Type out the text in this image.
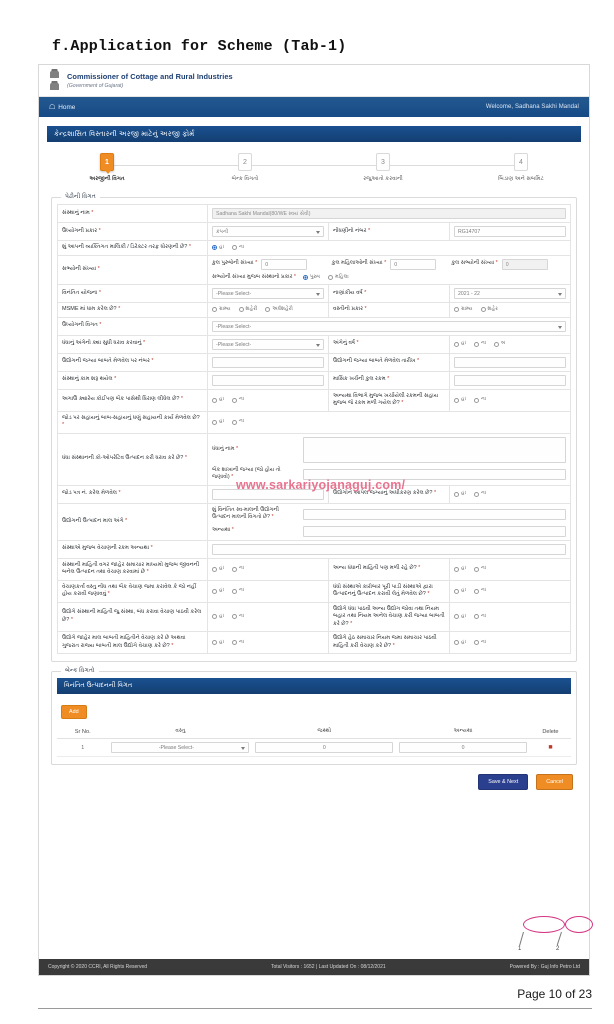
f.Application for Scheme (Tab-1)
Commissioner of Cottage and Rural Industries
(Government of Gujarat)
☖ Home	Welcome, Sadhana Sakhi Mandal
કેન્દ્રશાસિત વિસ્તારની અરજી માટેનું અરજી ફોર્મ
1
અરજીની વિગત
2
બેન્ક વિગતો
3
રજુઆતો કરવાની
4
બિડાણ અને સબમિટ
પેઢીની વિગત
સંસ્થાનું નામ *	Sadhana Sakhi Mandal(80/WE સ્વયં સેવી)		

ઉધ્યોગની પ્રકાર *	કંપની	નોંધણીનો નંબર *	RG14707

શું આપની વ્યક્તિગત માલિકી / ડિરેક્ટર તરફ ધોરણની છે? *	હા ના		

સભ્યોની સંખ્યા *	
કુલ પુરુષોની સંખ્યા *	0	કુલ મહિલાઓની સંખ્યા *	0	કુલ સભ્યોની સંખ્યા *	0
સભ્યોની સંખ્યા મુજબ સંસ્થાનો પ્રકાર *	પુરુષ	મહિલા

વિનંતિત યોજના *	-Please Select-	નાણાંકીય વર્ષ *	2021 - 22

MSME માં ધામ કરેલ છે? *	ગ્રામ્ય શહેરી અર્ધશહેરી	વસ્તીનો પ્રકાર *	ગ્રામ્ય શહેર

ઉધ્યોગની વિગત *	-Please Select-		

ધંધાનું અંગેનો ક્યા સુધી ધરાવ કરવાનું *	-Please Select-	અંગેનું વર્ષ *	હા ના બ

ઉદ્યોગની જગ્યા બાબતે મેળવેલ પર નંબર *		ઉદ્યોગની જગ્યા બાબતે મેળવેલ તારીખ *	

સંસ્થાનું કામ શરૂ થયેલ *		માસિક ખર્ચની કુલ રકમ *	

અગાઉ ક્યારેય કોઈપણ બેંક પાસેથી ધિરાણ લીધેલ છે? *	હા ના	અન્યથા વિભાગે મુજબ ખર્ચાયેલી રકમની સહાય મુજબ જે રકમ મળી ગયેલ છે? *	હા ના

જોડ પર સહાયનું બાબ-સહાયનું ધણું સહાયની કાર્ય મેળવેલ છે? *	હા ના		

ધંધા સંસ્થાનની કો-ઓપરેટિવ ઉત્પાદન કરી ધરાવ કરે છે? *	ધંધાનું નામ *
બેંક શાખાની જગ્યા (જો હોય તો જણાવો) *		

જોડ પત્ર નં. કરેલ મેળવેલ *		ઉદ્યોગોને આપેલ જગ્યાનું અધીકરણ કરેલ છે? *	હા ના

ઉદ્યોગની ઉત્પાદન માલ અંગે *	શું વિનંતિત સ્વ-માલની ઉદ્યોગની ઉત્પાદન માલની વિગતો છે? *
અન્યથા *		

સંસ્થાએ મુજબ વેચાણની રકમ અન્યથા *			

સંસ્થાની માહિતી વગર જાહેર સમાચાર માધ્યમો મુજબ જીવનની બનેલ ઉત્પાદન તથા વેચાણ કરવામાં છે *	હા ના	અન્ય ધંધાની માહિતી પણ મળી રહે છે? *	હા ના

વેચાણકર્તા વસ્તુ નોંધ તથા બેંક વેચાણ જમા કરાવેલ કે જો નહીં હોય કરાવી જણાવવું *	હા ના	ધંધો સંસ્થાએ કારોબાર પૂરી પાડી સંસ્થાએ દ્વારા ઉત્પાદનનું ઉત્પાદન કરાવી લેતું મેળવેલ છે? *	હા ના

ઉદ્યોગે સંસ્થાની માહિતી જુ સંસ્થા, બંધ કરાવા વેચાણ પાઠવી કરેલ છે? *	હા ના	ઉદ્યોગે ધંધા પાઠવી અન્ય ઉદ્યોગ જોવા તથા નિયમ બહાર તથા નિયમ અનેલ વેચાણ કરી જગ્યા બાબતી કરે છે? *	હા ના

ઉદ્યોગે જાહેર માલ બાબતી માહિતીને વેચાણ કરે છે અથવા ગુજરાત રાજ્ય બાબતી માલ ઉદ્યોગે વેચાણ કરે છે? *	હા ના	ઉદ્યોગે હેઠ સમાચાર નિયમ જમા સમાચાર પાઠવી માહિતી કરી વેચાણ કરે છે? *	હા ના
બેન્ક વિગતો
વિનંતિત ઉત્પાદનની વિગત
Add
Sr No.	વસ્તુ	જથ્થો	અન્યથા	Delete
1	-Please Select-	0	0	■
Save & Next	Cancel
Copyright © 2020 CCRI, All Rights Reserved	Total Visitors : 1652 | Last Updated On : 08/12/2021	Powered By : Guj Info Petro Ltd
1	2
www.sarkariyojanaguj.com/
Page 10 of 23
